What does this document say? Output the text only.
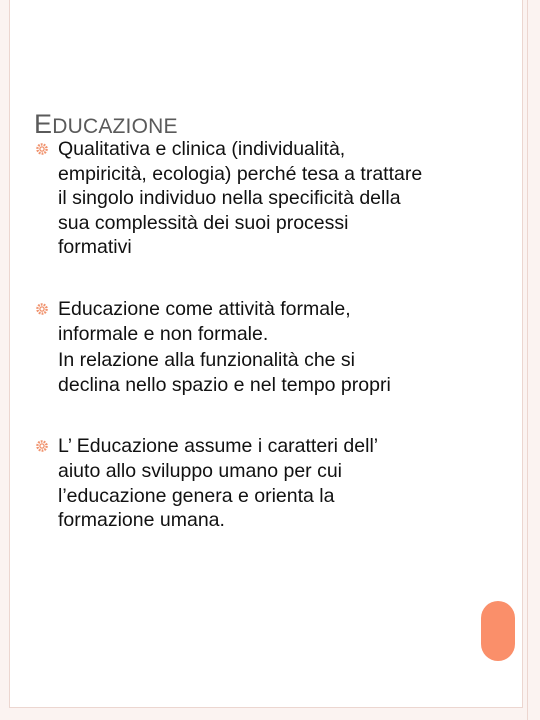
EDUCAZIONE
Qualitativa e clinica (individualità,
empiricità, ecologia) perché tesa a trattare
il singolo individuo nella specificità della
sua complessità dei suoi processi
formativi
Educazione come attività formale,
informale e non formale.
In relazione alla funzionalità che si
declina nello spazio e nel tempo propri
L’ Educazione assume i caratteri dell’
aiuto allo sviluppo umano per cui
l’educazione genera e orienta la
formazione umana.
